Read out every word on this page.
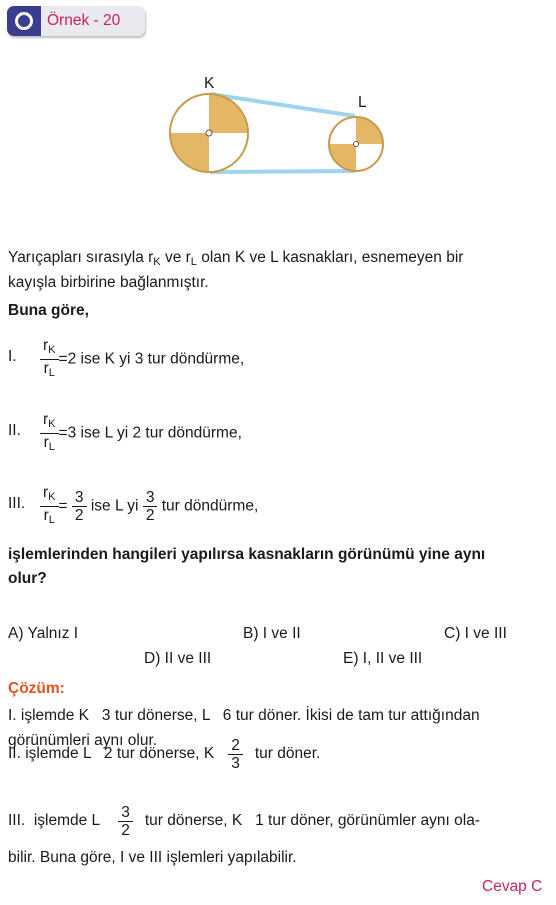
Örnek - 20
K
L
Yarıçapları sırasıyla $r_K$ ve $r_L$ olan K ve L kasnakları, esnemeyen bir
kayışla birbirine bağlanmıştır.
Buna göre,
I. $\frac{r_K}{r_L} =2$ ise K yi 3 tur döndürme,
II. $\frac{r_K}{r_L} =3$ ise L yi 2 tur döndürme,
III. $\frac{r_K}{r_L} = \frac{3}{2}$ ise L yi $\frac{3}{2}$ tur döndürme,
işlemlerinden hangileri yapılırsa kasnakların görünümü yine aynı
olur?
A) Yalnız I	B) I ve II	C) I ve III
D) II ve III	E) I, II ve III
Çözüm:
I. işlemde K   3 tur dönerse, L   6 tur döner. İkisi de tam tur attığından
görünümleri aynı olur.
II. işlemde L   2 tur dönerse, K $\frac{2}{3}$ tur döner.
III.  işlemde L $\frac{3}{2}$ tur dönerse, K   1 tur döner, görünümler aynı ola-
bilir. Buna göre, I ve III işlemleri yapılabilir.
Cevap C
